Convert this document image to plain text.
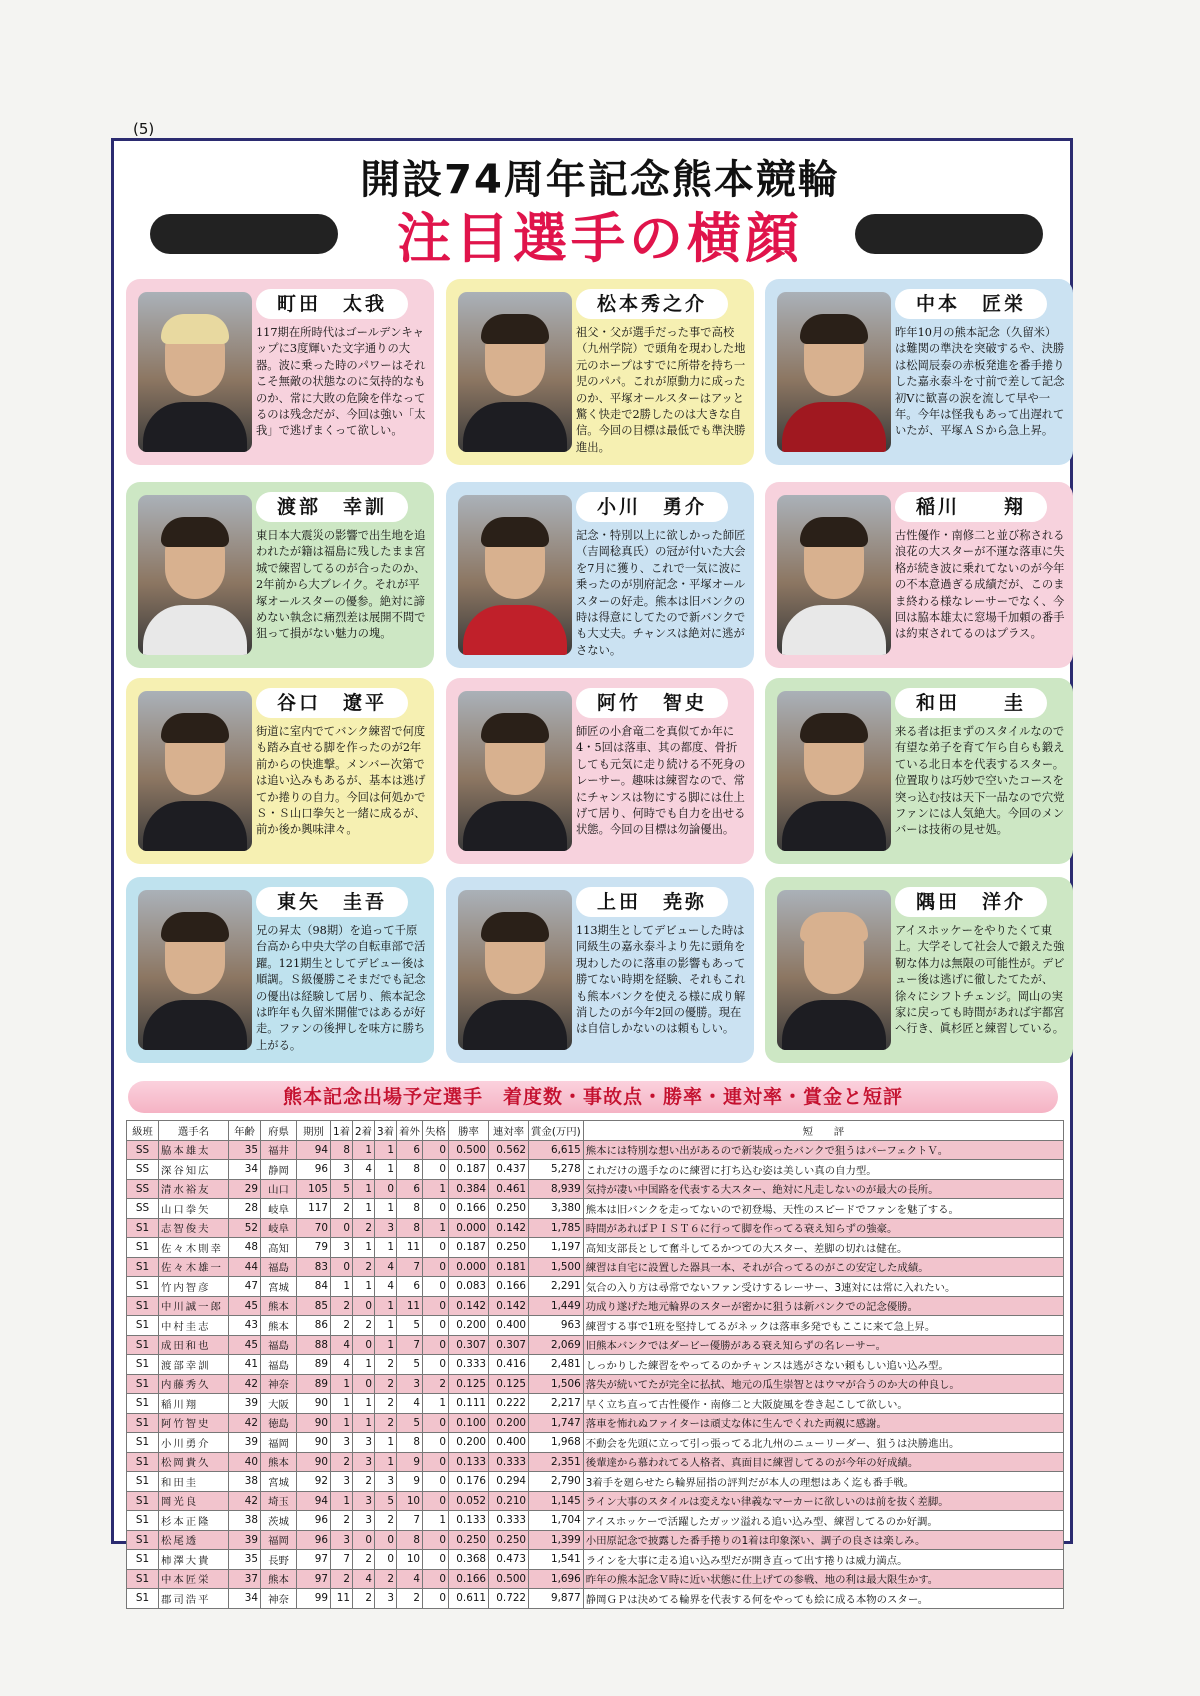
(5)
開設74周年記念熊本競輪
注目選手の横顔
町田　太我
117期在所時代はゴールデンキャップに3度輝いた文字通りの大器。波に乗った時のパワーはそれこそ無敵の状態なのに気持的なものか、常に大敗の危険を伴なってるのは残念だが、今回は強い「太我」で逃げまくって欲しい。
松本秀之介
祖父・父が選手だった事で高校（九州学院）で頭角を現わした地元のホープはすでに所帯を持ち一児のパパ。これが原動力に成ったのか、平塚オールスターはアッと驚く快走で2勝したのは大きな自信。今回の目標は最低でも準決勝進出。
中本　匠栄
昨年10月の熊本記念（久留米）は難関の準決を突破するや、決勝は松岡辰泰の赤板発進を番手捲りした嘉永泰斗を寸前で差して記念初Vに歓喜の涙を流して早や一年。今年は怪我もあって出遅れていたが、平塚ＡＳから急上昇。
渡部　幸訓
東日本大震災の影響で出生地を追われたが籍は福島に残したまま宮城で練習してるのが合ったのか、2年前から大ブレイク。それが平塚オールスターの優参。絶対に諦めない執念に痛烈差は展開不問で狙って損がない魅力の塊。
小川　勇介
記念・特別以上に欲しかった師匠（吉岡稔真氏）の冠が付いた大会を7月に獲り、これで一気に波に乗ったのが別府記念・平塚オールスターの好走。熊本は旧バンクの時は得意にしてたので新バンクでも大丈夫。チャンスは絶対に逃がさない。
稲川　　翔
古性優作・南修二と並び称される浪花の大スターが不運な落車に失格が続き波に乗れてないのが今年の不本意過ぎる成績だが、このまま終わる様なレーサーでなく、今回は脇本雄太に窓場千加頼の番手は約束されてるのはプラス。
谷口　遼平
街道に室内でてバンク練習で何度も踏み直せる脚を作ったのが2年前からの快進撃。メンバー次第では追い込みもあるが、基本は逃げてか捲りの自力。今回は何処かでＳ・Ｓ山口拳矢と一緒に成るが、前か後か興味津々。
阿竹　智史
師匠の小倉竜二を真似てか年に4・5回は落車、其の都度、骨折しても元気に走り続ける不死身のレーサー。趣味は練習なので、常にチャンスは物にする脚には仕上げて居り、何時でも自力を出せる状態。今回の目標は勿論優出。
和田　　圭
来る者は拒まずのスタイルなので有望な弟子を育て乍ら自らも鍛えている北日本を代表するスター。位置取りは巧妙で空いたコースを突っ込む技は天下一品なので穴党ファンには人気絶大。今回のメンバーは技術の見せ処。
東矢　圭吾
兄の昇太（98期）を追って千原台高から中央大学の自転車部で活躍。121期生としてデビュー後は順調。Ｓ級優勝こそまだでも記念の優出は経験して居り、熊本記念は昨年も久留米開催ではあるが好走。ファンの後押しを味方に勝ち上がる。
上田　尭弥
113期生としてデビューした時は同級生の嘉永泰斗より先に頭角を現わしたのに落車の影響もあって勝てない時期を経験、それもこれも熊本バンクを使える様に成り解消したのが今年2回の優勝。現在は自信しかないのは頼もしい。
隅田　洋介
アイスホッケーをやりたくて東上。大学そして社会人で鍛えた強靭な体力は無限の可能性が。デビュー後は逃げに徹したてたが、徐々にシフトチェンジ。岡山の実家に戻っても時間があれば宇都宮へ行き、眞杉匠と練習している。
熊本記念出場予定選手　着度数・事故点・勝率・連対率・賞金と短評
級班	選手名	年齢	府県	期別	1着	2着	3着	着外	失格	勝率	連対率	賞金(万円)	短　　評
SS	脇本雄太	35	福井	94	8	1	1	6	0	0.500	0.562	6,615	熊本には特別な想い出があるので新装成ったバンクで狙うはパーフェクトＶ。
SS	深谷知広	34	静岡	96	3	4	1	8	0	0.187	0.437	5,278	これだけの選手なのに練習に打ち込む姿は美しい真の自力型。
SS	清水裕友	29	山口	105	5	1	0	6	1	0.384	0.461	8,939	気持が凄い中国路を代表する大スター、絶対に凡走しないのが最大の長所。
SS	山口拳矢	28	岐阜	117	2	1	1	8	0	0.166	0.250	3,380	熊本は旧バンクを走ってないので初登場、天性のスピードでファンを魅了する。
S1	志智俊夫	52	岐阜	70	0	2	3	8	1	0.000	0.142	1,785	時間があればＰＩＳＴ６に行って脚を作ってる衰え知らずの強豪。
S1	佐々木則幸	48	高知	79	3	1	1	11	0	0.187	0.250	1,197	高知支部長として奮斗してるかつての大スター、差脚の切れは健在。
S1	佐々木雄一	44	福島	83	0	2	4	7	0	0.000	0.181	1,500	練習は自宅に設置した器具一本、それが合ってるのがこの安定した成績。
S1	竹内智彦	47	宮城	84	1	1	4	6	0	0.083	0.166	2,291	気合の入り方は尋常でないファン受けするレーサー、3連対には常に入れたい。
S1	中川誠一郎	45	熊本	85	2	0	1	11	0	0.142	0.142	1,449	功成り遂げた地元輪界のスターが密かに狙うは新バンクでの記念優勝。
S1	中村圭志	43	熊本	86	2	2	1	5	0	0.200	0.400	963	練習する事で1班を堅持してるがネックは落車多発でもここに来て急上昇。
S1	成田和也	45	福島	88	4	0	1	7	0	0.307	0.307	2,069	旧熊本バンクではダービー優勝がある衰え知らずの名レーサー。
S1	渡部幸訓	41	福島	89	4	1	2	5	0	0.333	0.416	2,481	しっかりした練習をやってるのかチャンスは逃がさない頼もしい追い込み型。
S1	内藤秀久	42	神奈	89	1	0	2	3	2	0.125	0.125	1,506	落失が続いてたが完全に払拭、地元の瓜生崇智とはウマが合うのか大の仲良し。
S1	稲川翔	39	大阪	90	1	1	2	4	1	0.111	0.222	2,217	早く立ち直って古性優作・南修二と大阪旋風を巻き起こして欲しい。
S1	阿竹智史	42	徳島	90	1	1	2	5	0	0.100	0.200	1,747	落車を怖れぬファイターは頑丈な体に生んでくれた両親に感謝。
S1	小川勇介	39	福岡	90	3	3	1	8	0	0.200	0.400	1,968	不動会を先頭に立って引っ張ってる北九州のニューリーダー、狙うは決勝進出。
S1	松岡貴久	40	熊本	90	2	3	1	9	0	0.133	0.333	2,351	後輩達から慕われてる人格者、真面目に練習してるのが今年の好成績。
S1	和田圭	38	宮城	92	3	2	3	9	0	0.176	0.294	2,790	3着手を廻らせたら輪界屈指の評判だが本人の理想はあく迄も番手戦。
S1	岡光良	42	埼玉	94	1	3	5	10	0	0.052	0.210	1,145	ライン大事のスタイルは変えない律義なマーカーに欲しいのは前を抜く差脚。
S1	杉本正隆	38	茨城	96	2	3	2	7	1	0.133	0.333	1,704	アイスホッケーで活躍したガッツ溢れる追い込み型、練習してるのか好調。
S1	松尾透	39	福岡	96	3	0	0	8	0	0.250	0.250	1,399	小田原記念で披露した番手捲りの1着は印象深い、調子の良さは楽しみ。
S1	柿澤大貴	35	長野	97	7	2	0	10	0	0.368	0.473	1,541	ラインを大事に走る追い込み型だが開き直って出す捲りは威力満点。
S1	中本匠栄	37	熊本	97	2	4	2	4	0	0.166	0.500	1,696	昨年の熊本記念Ｖ時に近い状態に仕上げての参戦、地の利は最大限生かす。
S1	郡司浩平	34	神奈	99	11	2	3	2	0	0.611	0.722	9,877	静岡ＧＰは決めてる輪界を代表する何をやっても絵に成る本物のスター。
· · ·
